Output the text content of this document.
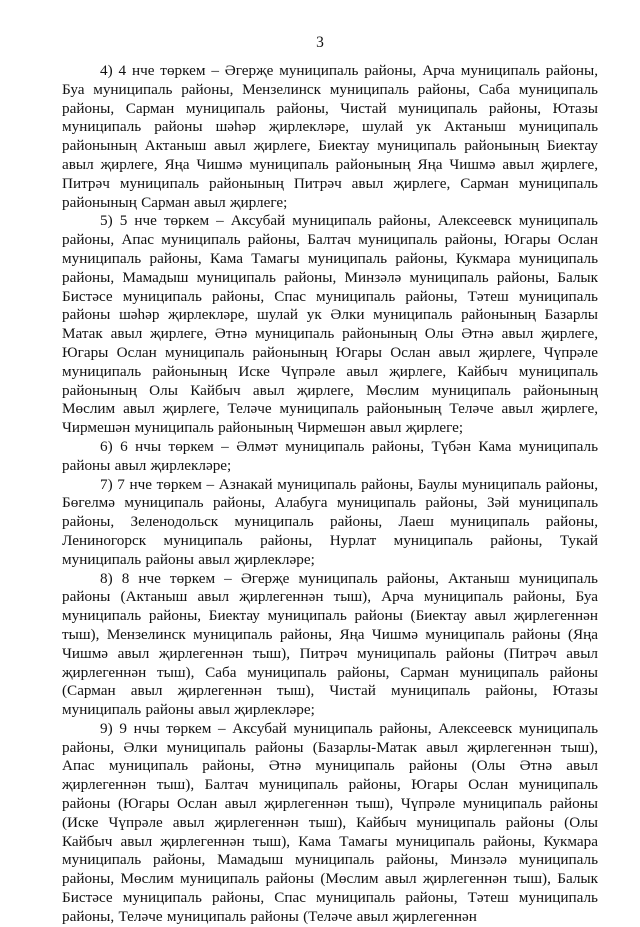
3

4) 4 нче төркем – Әгерҗе муниципаль районы, Арча муниципаль районы, Буа муниципаль районы, Мензелинск муниципаль районы, Саба муниципаль районы, Сарман муниципаль районы, Чистай муниципаль районы, Ютазы муниципаль районы шәһәр җирлекләре, шулай ук Актаныш муниципаль районының Актаныш авыл җирлеге, Биектау муниципаль районының Биектау авыл җирлеге, Яңа Чишмә муниципаль районының Яңа Чишмә авыл җирлеге, Питрәч муниципаль районының Питрәч авыл җирлеге, Сарман муниципаль районының Сарман авыл җирлеге;

5) 5 нче төркем – Аксубай муниципаль районы, Алексеевск муниципаль районы, Апас муниципаль районы, Балтач муниципаль районы, Югары Ослан муниципаль районы, Кама Тамагы муниципаль районы, Кукмара муниципаль районы, Мамадыш муниципаль районы, Минзәлә муниципаль районы, Балык Бистәсе муниципаль районы, Спас муниципаль районы, Тәтеш муниципаль районы шәһәр җирлекләре, шулай ук Әлки муниципаль районының Базарлы Матак авыл җирлеге, Әтнә муниципаль районының Олы Әтнә авыл җирлеге, Югары Ослан муниципаль районының Югары Ослан авыл җирлеге, Чүпрәле муниципаль районының Иске Чүпрәле авыл җирлеге, Кайбыч муниципаль районының Олы Кайбыч авыл җирлеге, Мөслим муниципаль районының Мөслим авыл җирлеге, Теләче муниципаль районының Теләче авыл җирлеге, Чирмешән муниципаль районының Чирмешән авыл җирлеге;

6) 6 нчы төркем – Әлмәт муниципаль районы, Түбән Кама муниципаль районы авыл җирлекләре;

7) 7 нче төркем – Азнакай муниципаль районы, Баулы муниципаль районы, Бөгелмә муниципаль районы, Алабуга муниципаль районы, Зәй муниципаль районы, Зеленодольск муниципаль районы, Лаеш муниципаль районы, Лениногорск муниципаль районы, Нурлат муниципаль районы, Тукай муниципаль районы авыл җирлекләре;

8) 8 нче төркем – Әгерҗе муниципаль районы, Актаныш муниципаль районы (Актаныш авыл җирлегеннән тыш), Арча муниципаль районы, Буа муниципаль районы, Биектау муниципаль районы (Биектау авыл җирлегеннән тыш), Мензелинск муниципаль районы, Яңа Чишмә муниципаль районы (Яңа Чишмә авыл җирлегеннән тыш), Питрәч муниципаль районы (Питрәч авыл җирлегеннән тыш), Саба муниципаль районы, Сарман муниципаль районы (Сарман авыл җирлегеннән тыш), Чистай муниципаль районы, Ютазы муниципаль районы авыл җирлекләре;

9) 9 нчы төркем – Аксубай муниципаль районы, Алексеевск муниципаль районы, Әлки муниципаль районы (Базарлы-Матак авыл җирлегеннән тыш), Апас муниципаль районы, Әтнә муниципаль районы (Олы Әтнә авыл җирлегеннән тыш), Балтач муниципаль районы, Югары Ослан муниципаль районы (Югары Ослан авыл җирлегеннән тыш), Чүпрәле муниципаль районы (Иске Чүпрәле авыл җирлегеннән тыш), Кайбыч муниципаль районы (Олы Кайбыч авыл җирлегеннән тыш), Кама Тамагы муниципаль районы, Кукмара муниципаль районы, Мамадыш муниципаль районы, Минзәлә муниципаль районы, Мөслим муниципаль районы (Мөслим авыл җирлегеннән тыш), Балык Бистәсе муниципаль районы, Спас муниципаль районы, Тәтеш муниципаль районы, Теләче муниципаль районы (Теләче авыл җирлегеннән
